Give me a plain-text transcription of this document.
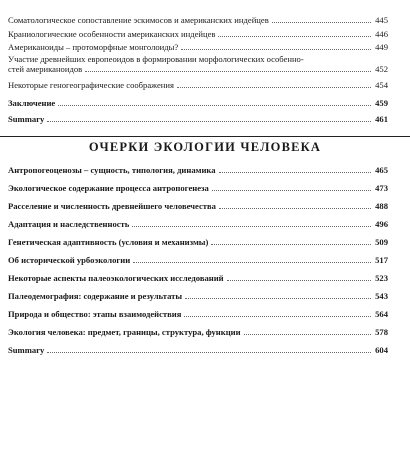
Соматологическое сопоставление эскимосов и американских индейцев	445
Краниологические особенности американских индейцев	446
Американоиды – протоморфные монголоиды?	449
Участие древнейших европеоидов в формировании морфологических особенно-
стей американоидов	452
Некоторые геногеографические соображения	454
Заключение	459
Summary	461
ОЧЕРКИ ЭКОЛОГИИ ЧЕЛОВЕКА
Антропогеоценозы – сущность, типология, динамика	465
Экологическое содержание процесса антропогенеза	473
Расселение и численность древнейшего человечества	488
Адаптация и наследственность	496
Генетическая адаптивность (условия и механизмы)	509
Об исторической урбоэкологии	517
Некоторые аспекты палеоэкологических исследований	523
Палеодемография: содержание и результаты	543
Природа и общество: этапы взаимодействия	564
Экология человека: предмет, границы, структура, функции	578
Summary	604
